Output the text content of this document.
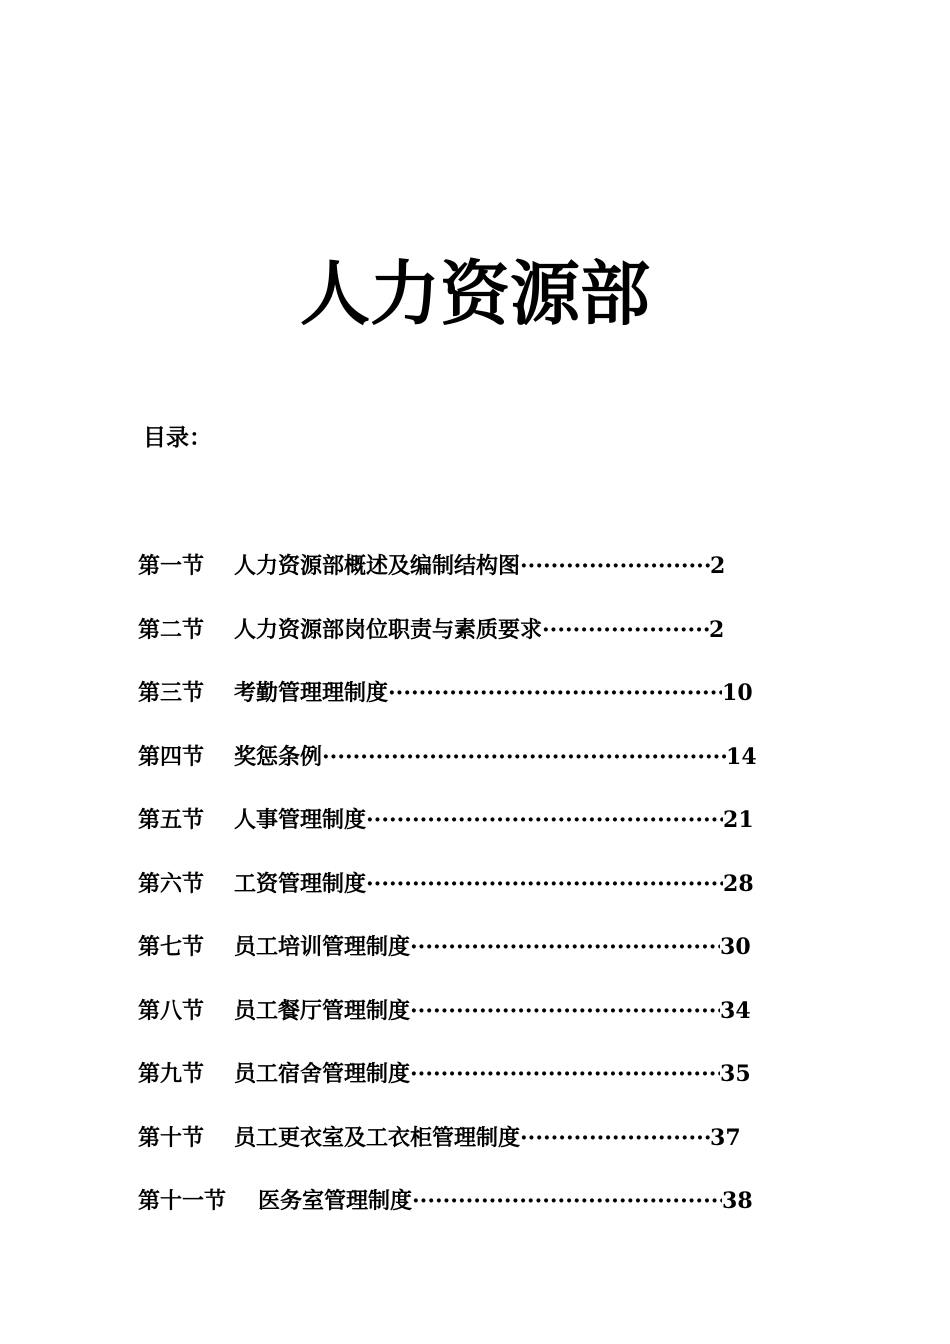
人力资源部

目录：

第一节	人力资源部概述及编制结构图 ·····	2
第二节	人力资源部岗位职责与素质要求 ·····	2
第三节	考勤管理理制度 ·····	10
第四节	奖惩条例 ·····	14
第五节	人事管理制度 ·····	21
第六节	工资管理制度 ·····	28
第七节	员工培训管理制度 ·····	30
第八节	员工餐厅管理制度 ·····	34
第九节	员工宿舍管理制度 ·····	35
第十节	员工更衣室及工衣柜管理制度 ·····	37
第十一节	医务室管理制度 ·····	38
